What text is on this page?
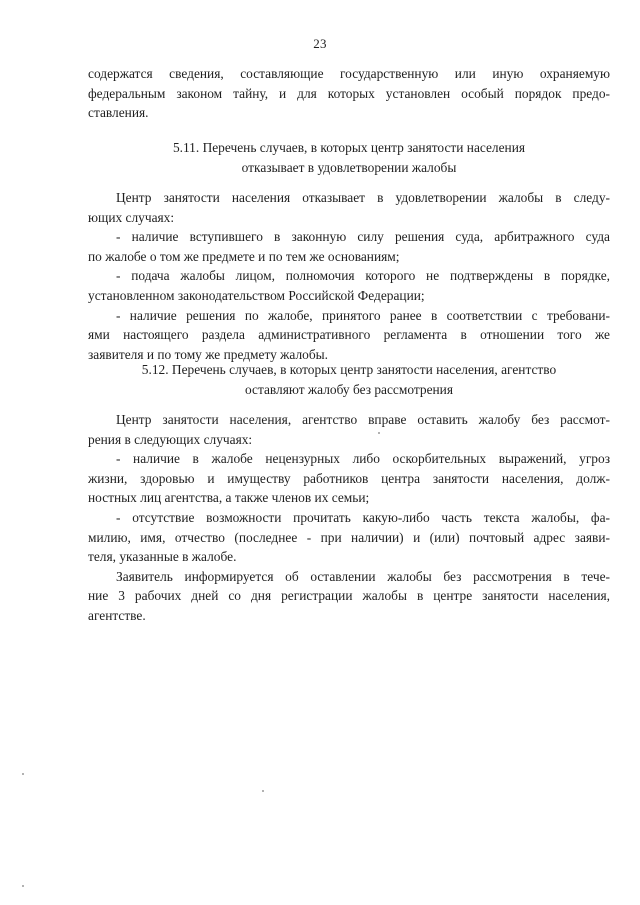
23
содержатся сведения, составляющие государственную или иную охраняемую
федеральным законом тайну, и для которых установлен особый порядок предо-
ставления.
5.11. Перечень случаев, в которых центр занятости населения
отказывает в удовлетворении жалобы
Центр занятости населения отказывает в удовлетворении жалобы в следу-
ющих случаях:
- наличие вступившего в законную силу решения суда, арбитражного суда
по жалобе о том же предмете и по тем же основаниям;
- подача жалобы лицом, полномочия которого не подтверждены в порядке,
установленном законодательством Российской Федерации;
- наличие решения по жалобе, принятого ранее в соответствии с требовани-
ями настоящего раздела административного регламента в отношении того же
заявителя и по тому же предмету жалобы.
5.12. Перечень случаев, в которых центр занятости населения, агентство
оставляют жалобу без рассмотрения
Центр занятости населения, агентство вправе оставить жалобу без рассмот-
рения в следующих случаях:
- наличие в жалобе нецензурных либо оскорбительных выражений, угроз
жизни, здоровью и имуществу работников центра занятости населения, долж-
ностных лиц агентства, а также членов их семьи;
- отсутствие возможности прочитать какую-либо часть текста жалобы, фа-
милию, имя, отчество (последнее - при наличии) и (или) почтовый адрес заяви-
теля, указанные в жалобе.
Заявитель информируется об оставлении жалобы без рассмотрения в тече-
ние 3 рабочих дней со дня регистрации жалобы в центре занятости населения,
агентстве.
